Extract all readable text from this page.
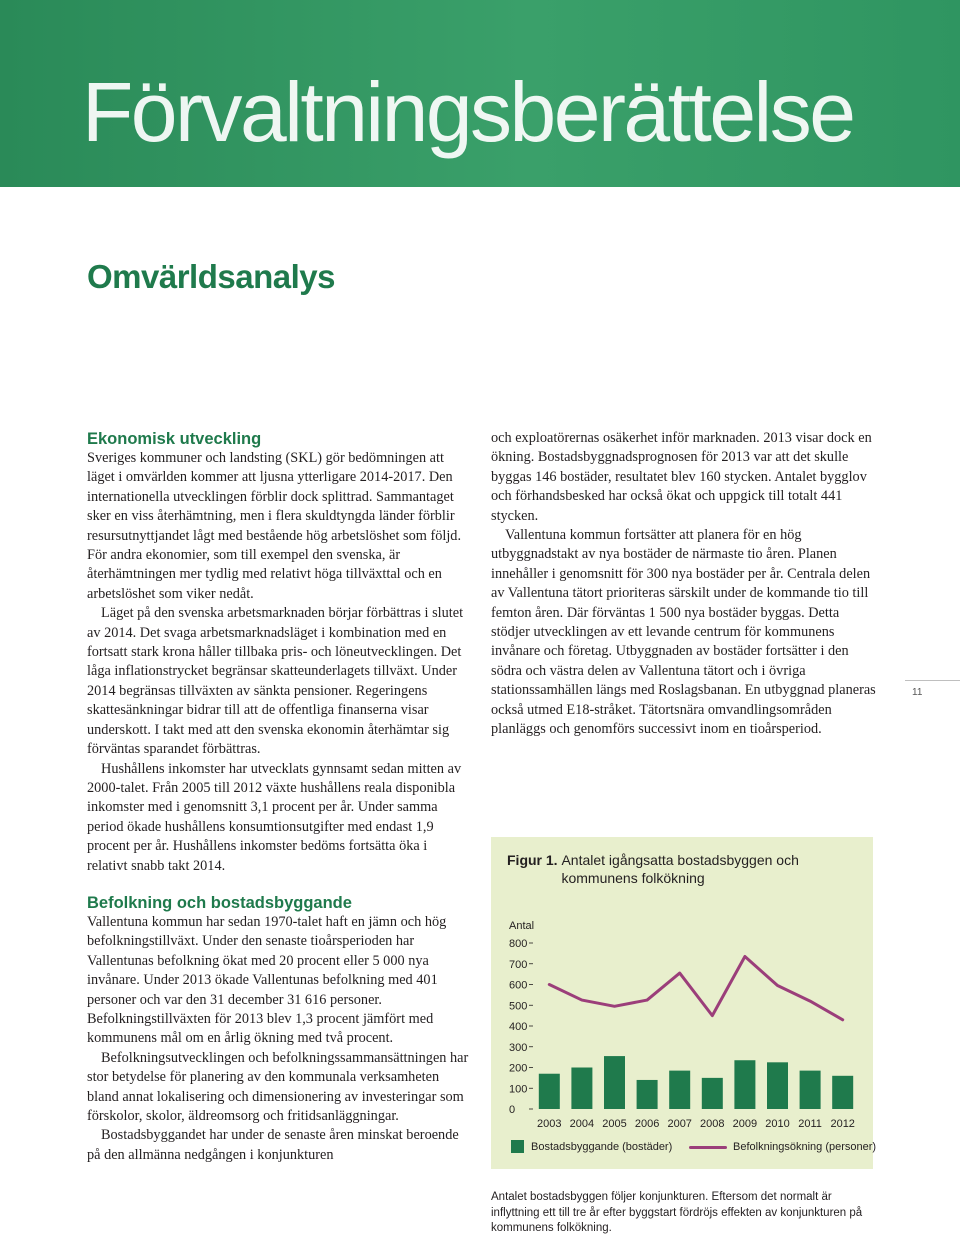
Förvaltningsberättelse
Omvärldsanalys
Ekonomisk utveckling

Sveriges kommuner och landsting (SKL) gör bedömningen att läget i omvärlden kommer att ljusna ytterligare 2014-2017. Den internationella utvecklingen förblir dock splittrad. Sammantaget sker en viss återhämtning, men i flera skuldtyngda länder förblir resursutnyttjandet lågt med bestående hög arbetslöshet som följd. För andra ekonomier, som till exempel den svenska, är återhämtningen mer tydlig med relativt höga tillväxttal och en arbetslöshet som viker nedåt.

Läget på den svenska arbetsmarknaden börjar förbättras i slutet av 2014. Det svaga arbetsmarknadsläget i kombination med en fortsatt stark krona håller tillbaka pris- och löneutvecklingen. Det låga inflationstrycket begränsar skatteunderlagets tillväxt. Under 2014 begränsas tillväxten av sänkta pensioner. Regeringens skattesänkningar bidrar till att de offentliga finanserna visar underskott. I takt med att den svenska ekonomin återhämtar sig förväntas sparandet förbättras.

Hushållens inkomster har utvecklats gynnsamt sedan mitten av 2000-talet. Från 2005 till 2012 växte hushållens reala disponibla inkomster med i genomsnitt 3,1 procent per år. Under samma period ökade hushållens konsumtionsutgifter med endast 1,9 procent per år. Hushållens inkomster bedöms fortsätta öka i relativt snabb takt 2014.

Befolkning och bostadsbyggande

Vallentuna kommun har sedan 1970-talet haft en jämn och hög befolkningstillväxt. Under den senaste tioårsperioden har Vallentunas befolkning ökat med 20 procent eller 5 000 nya invånare. Under 2013 ökade Vallentunas befolkning med 401 personer och var den 31 december 31 616 personer. Befolkningstillväxten för 2013 blev 1,3 procent jämfört med kommunens mål om en årlig ökning med två procent.

Befolkningsutvecklingen och befolkningssammansättningen har stor betydelse för planering av den kommunala verksamheten bland annat lokalisering och dimensionering av investeringar som förskolor, skolor, äldreomsorg och fritidsanläggningar.

Bostadsbyggandet har under de senaste åren minskat beroende på den allmänna nedgången i konjunkturen

och exploatörernas osäkerhet inför marknaden. 2013 visar dock en ökning. Bostadsbyggnadsprognosen för 2013 var att det skulle byggas 146 bostäder, resultatet blev 160 stycken. Antalet bygglov och förhandsbesked har också ökat och uppgick till totalt 441 stycken.

Vallentuna kommun fortsätter att planera för en hög utbyggnadstakt av nya bostäder de närmaste tio åren. Planen innehåller i genomsnitt för 300 nya bostäder per år. Centrala delen av Vallentuna tätort prioriteras särskilt under de kommande tio till femton åren. Där förväntas 1 500 nya bostäder byggas. Detta stödjer utvecklingen av ett levande centrum för kommunens invånare och företag. Utbyggnaden av bostäder fortsätter i den södra och västra delen av Vallentuna tätort och i övriga stationssamhällen längs med Roslagsbanan. En utbyggnad planeras också utmed E18-stråket. Tätortsnära omvandlingsområden planläggs och genomförs successivt inom en tioårsperiod.

11
Figur 1. Antalet igångsatta bostadsbyggen och kommunens folkökning
Antal
0
100
200
300
400
500
600
700
800
2003 2004 2005 2006 2007 2008 2009 2010 2011 2012
Bostadsbyggande (bostäder)	Befolkningsökning (personer)
Antalet bostadsbyggen följer konjunkturen. Eftersom det normalt är inflyttning ett till tre år efter byggstart fördröjs effekten av konjunkturen på kommunens folkökning.
